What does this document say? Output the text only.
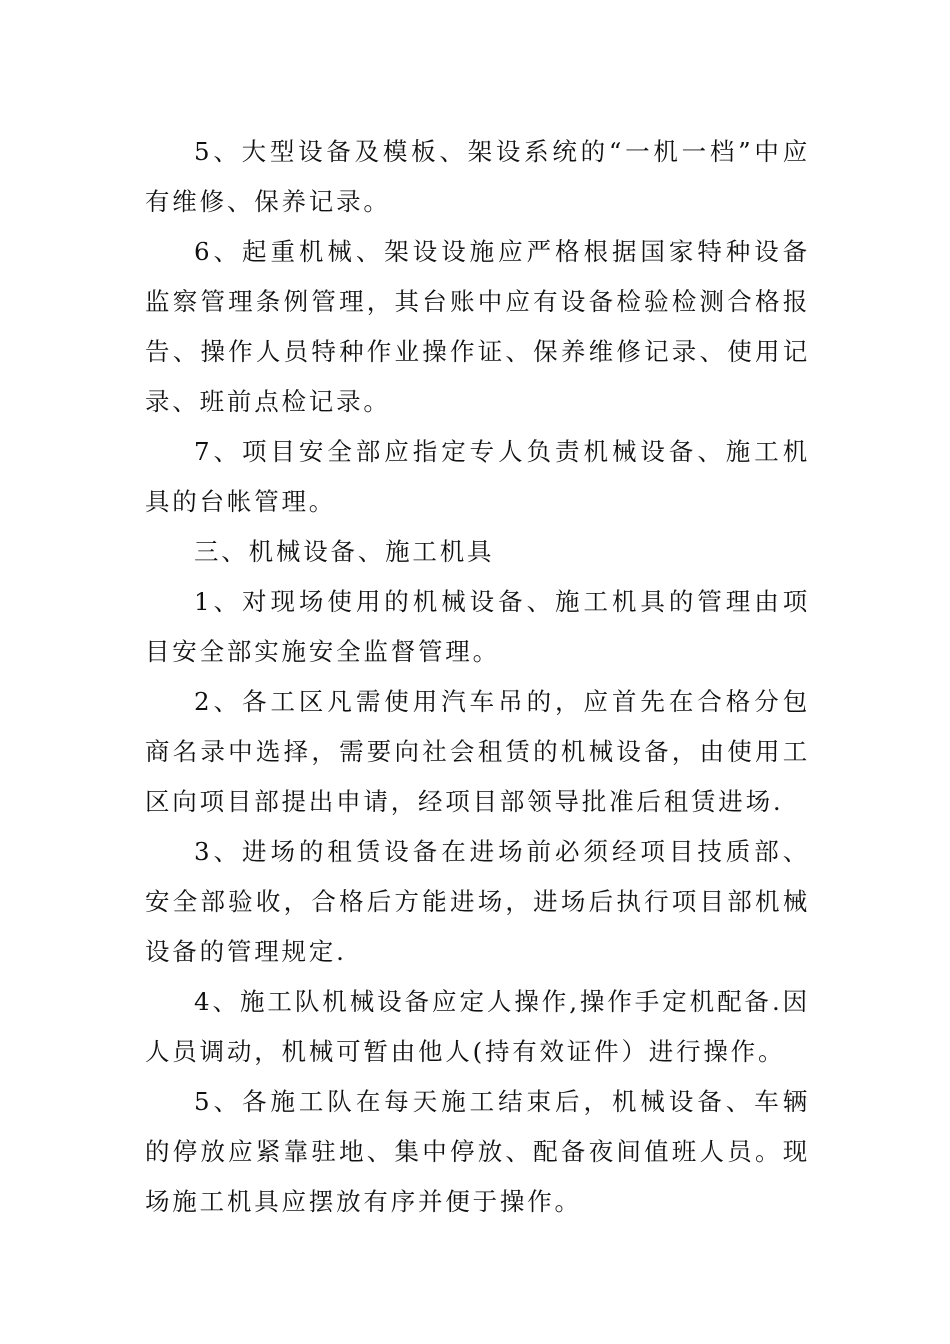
5、大型设备及模板、架设系统的“一机一档”中应有维修、保养记录。

6、起重机械、架设设施应严格根据国家特种设备监察管理条例管理，其台账中应有设备检验检测合格报告、操作人员特种作业操作证、保养维修记录、使用记录、班前点检记录。

7、项目安全部应指定专人负责机械设备、施工机具的台帐管理。

三、机械设备、施工机具

1、对现场使用的机械设备、施工机具的管理由项目安全部实施安全监督管理。

2、各工区凡需使用汽车吊的，应首先在合格分包商名录中选择，需要向社会租赁的机械设备，由使用工区向项目部提出申请，经项目部领导批准后租赁进场.

3、进场的租赁设备在进场前必须经项目技质部、安全部验收，合格后方能进场，进场后执行项目部机械设备的管理规定.

4、施工队机械设备应定人操作,操作手定机配备.因人员调动，机械可暂由他人(持有效证件）进行操作。

5、各施工队在每天施工结束后，机械设备、车辆的停放应紧靠驻地、集中停放、配备夜间值班人员。现场施工机具应摆放有序并便于操作。
